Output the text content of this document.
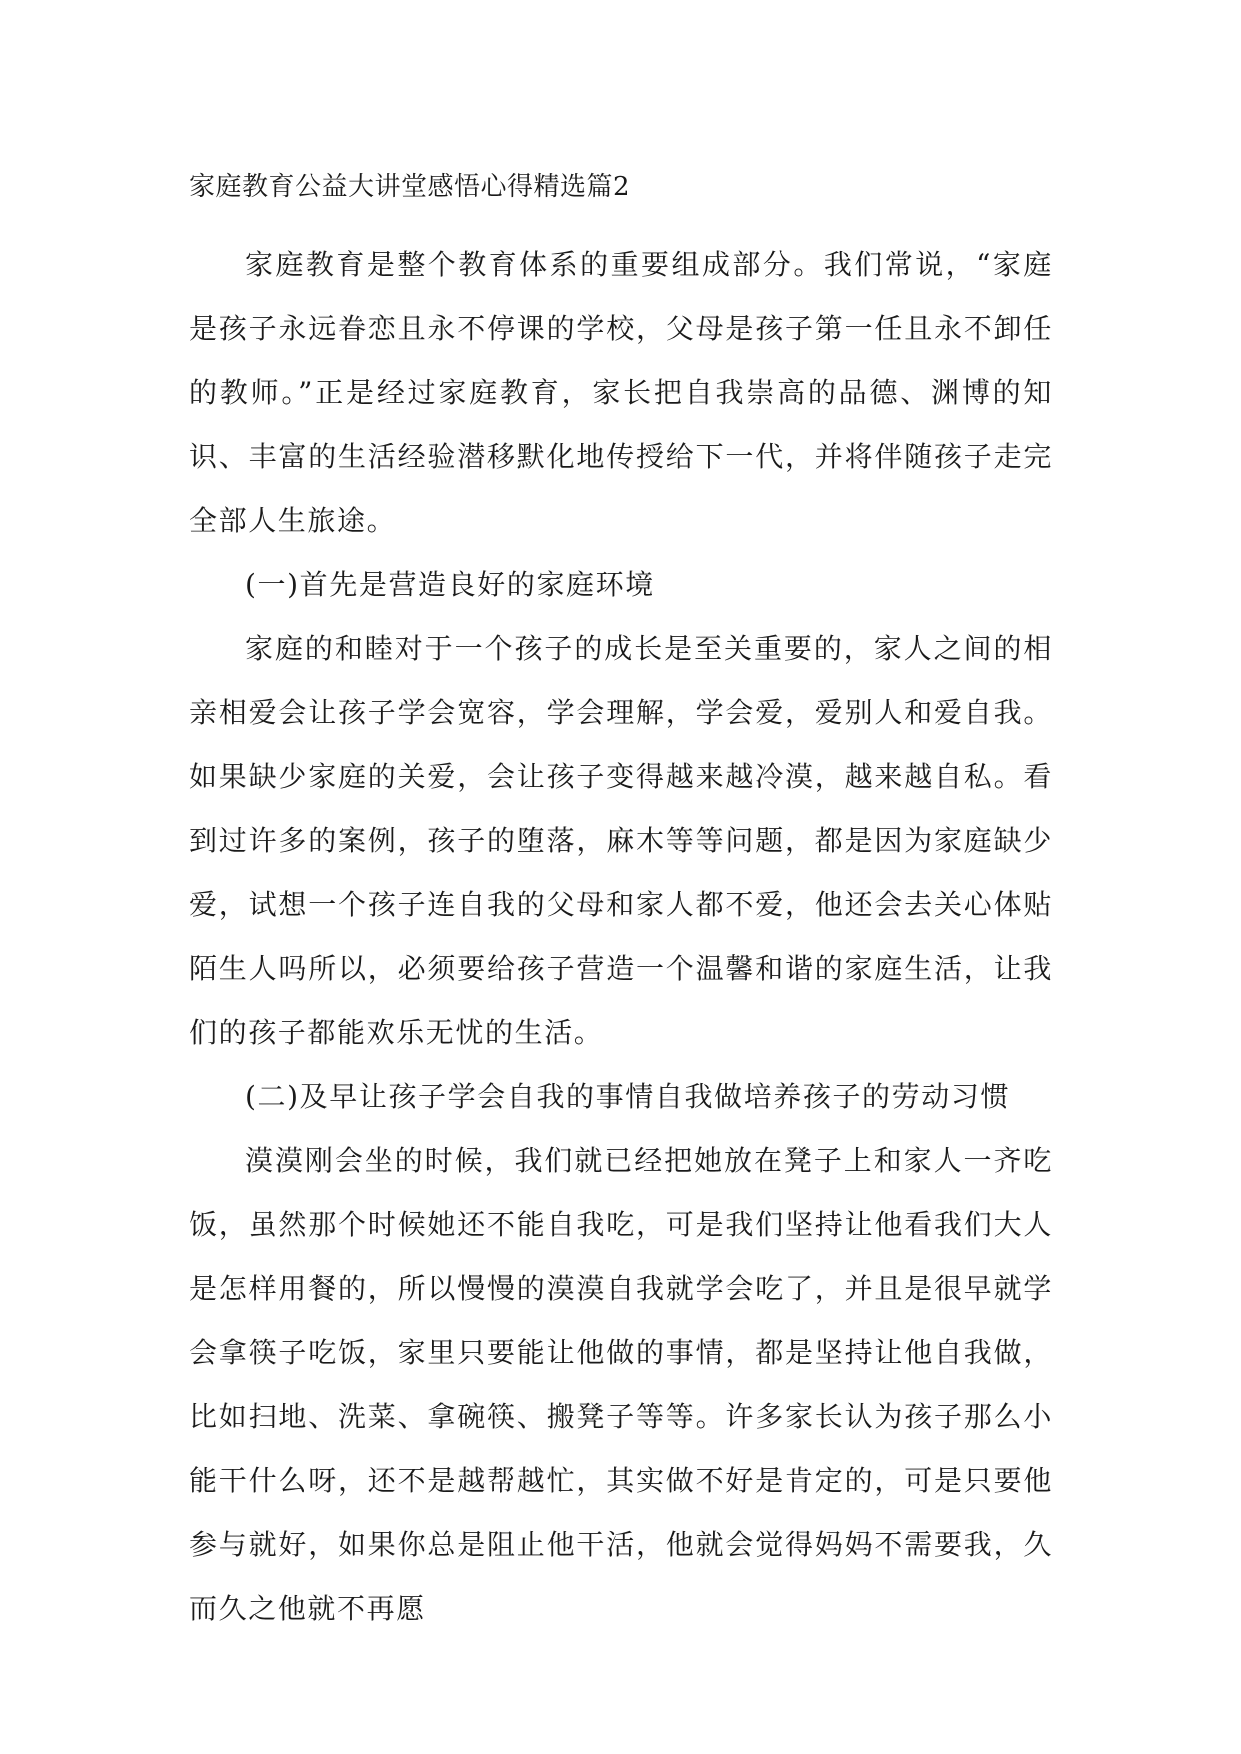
家庭教育公益大讲堂感悟心得精选篇2

家庭教育是整个教育体系的重要组成部分。我们常说，“家庭是孩子永远眷恋且永不停课的学校，父母是孩子第一任且永不卸任的教师。”正是经过家庭教育，家长把自我崇高的品德、渊博的知识、丰富的生活经验潜移默化地传授给下一代，并将伴随孩子走完全部人生旅途。

(一)首先是营造良好的家庭环境

家庭的和睦对于一个孩子的成长是至关重要的，家人之间的相亲相爱会让孩子学会宽容，学会理解，学会爱，爱别人和爱自我。如果缺少家庭的关爱，会让孩子变得越来越冷漠，越来越自私。看到过许多的案例，孩子的堕落，麻木等等问题，都是因为家庭缺少爱，试想一个孩子连自我的父母和家人都不爱，他还会去关心体贴陌生人吗所以，必须要给孩子营造一个温馨和谐的家庭生活，让我们的孩子都能欢乐无忧的生活。

(二)及早让孩子学会自我的事情自我做培养孩子的劳动习惯

漠漠刚会坐的时候，我们就已经把她放在凳子上和家人一齐吃饭，虽然那个时候她还不能自我吃，可是我们坚持让他看我们大人是怎样用餐的，所以慢慢的漠漠自我就学会吃了，并且是很早就学会拿筷子吃饭，家里只要能让他做的事情，都是坚持让他自我做，比如扫地、洗菜、拿碗筷、搬凳子等等。许多家长认为孩子那么小能干什么呀，还不是越帮越忙，其实做不好是肯定的，可是只要他参与就好，如果你总是阻止他干活，他就会觉得妈妈不需要我，久而久之他就不再愿
